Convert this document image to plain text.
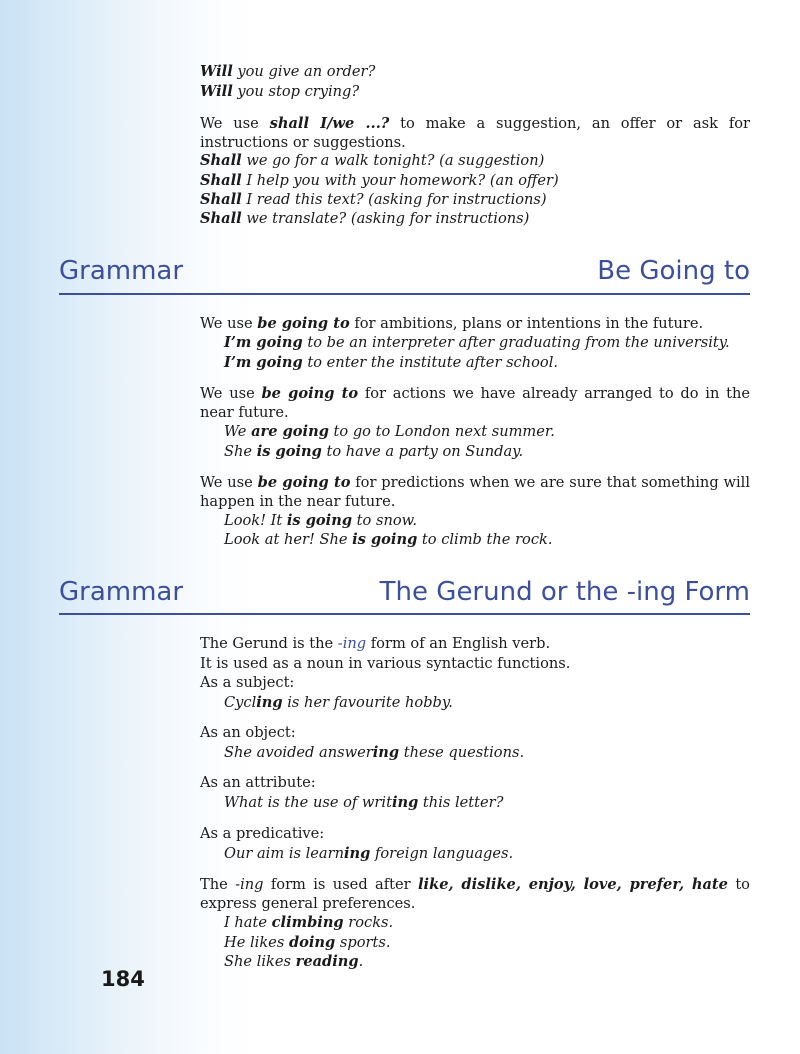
Will you give an order?
Will you stop crying?
We use shall I/we ...? to make a suggestion, an offer or ask for instructions or suggestions.
Shall we go for a walk tonight? (a suggestion)
Shall I help you with your homework? (an offer)
Shall I read this text? (asking for instructions)
Shall we translate? (asking for instructions)
Grammar	Be Going to
We use be going to for ambitions, plans or intentions in the future.
I’m going to be an interpreter after graduating from the university.
I’m going to enter the institute after school.
We use be going to for actions we have already arranged to do in the near future.
We are going to go to London next summer.
She is going to have a party on Sunday.
We use be going to for predictions when we are sure that something will happen in the near future.
Look! It is going to snow.
Look at her! She is going to climb the rock.
Grammar	The Gerund or the -ing Form
The Gerund is the -ing form of an English verb.
It is used as a noun in various syntactic functions.
As a subject:
Cycling is her favourite hobby.
As an object:
She avoided answering these questions.
As an attribute:
What is the use of writing this letter?
As a predicative:
Our aim is learning foreign languages.
The -ing form is used after like, dislike, enjoy, love, prefer, hate to express general preferences.
I hate climbing rocks.
He likes doing sports.
She likes reading.
184
